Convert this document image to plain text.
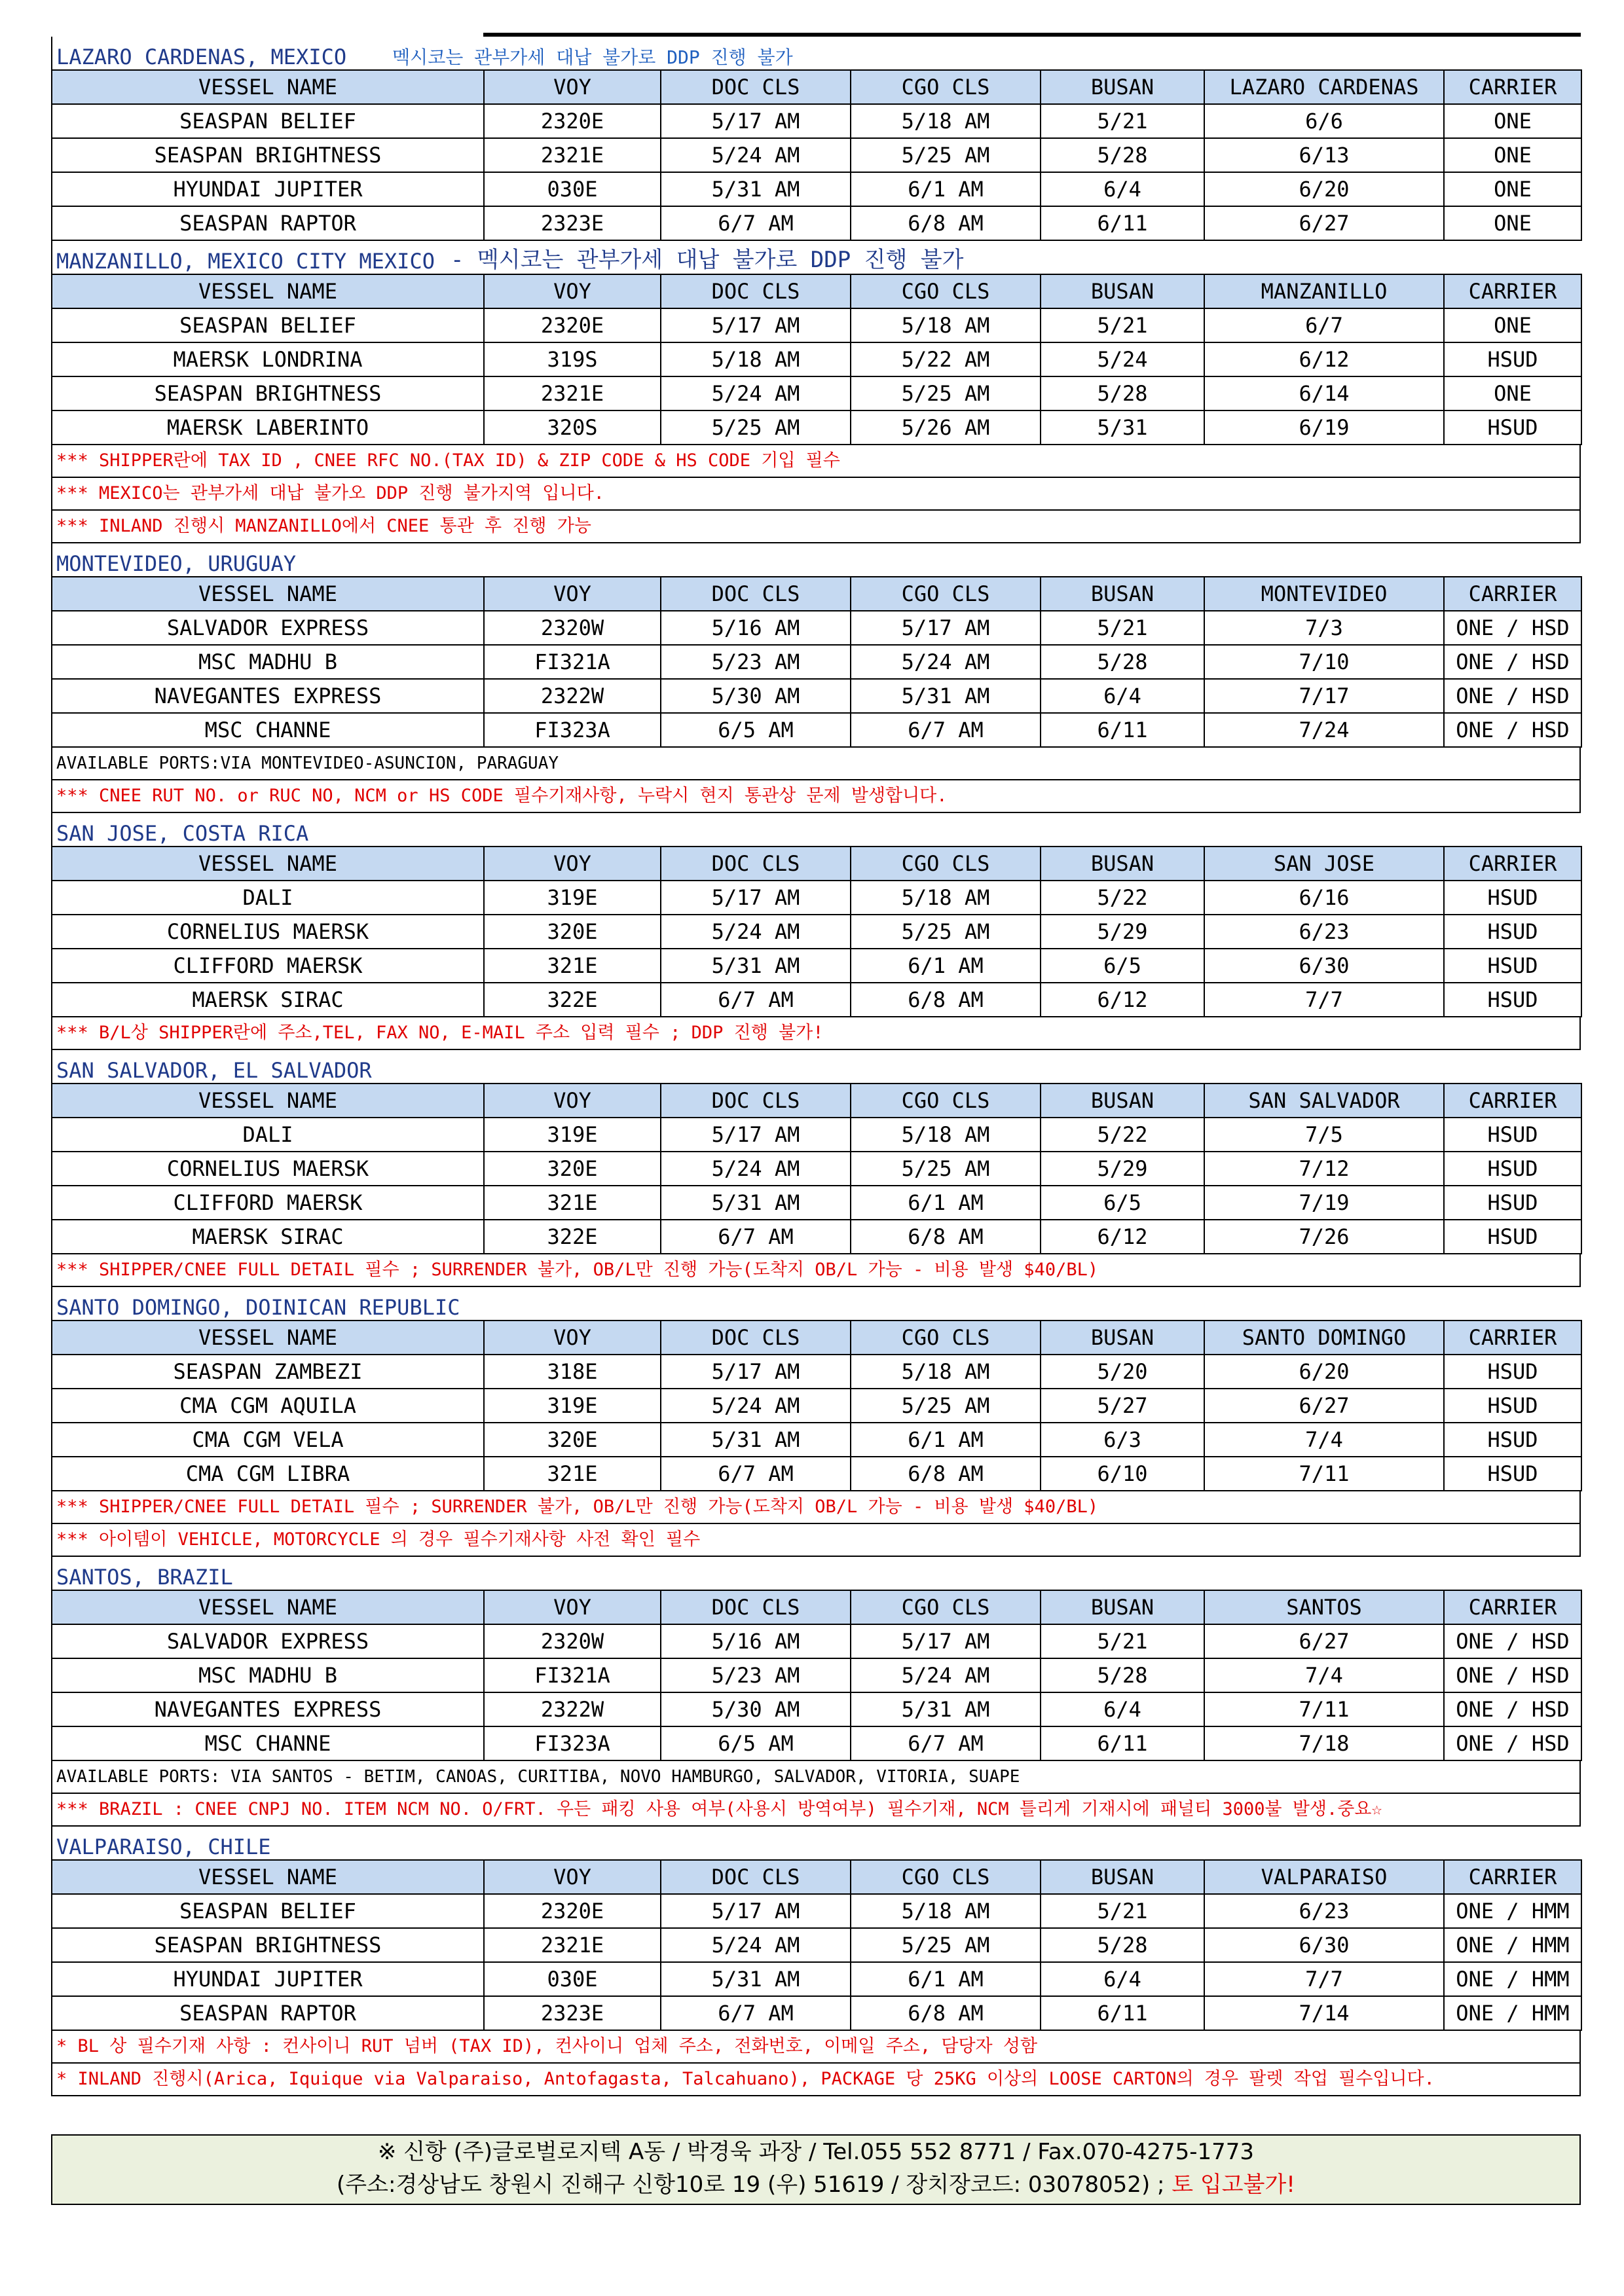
LAZARO CARDENAS, MEXICO	멕시코는 관부가세 대납 불가로 DDP 진행 불가
VESSEL NAME	VOY	DOC CLS	CGO CLS	BUSAN	LAZARO CARDENAS	CARRIER
SEASPAN BELIEF	2320E	5/17 AM	5/18 AM	5/21	6/6	ONE
SEASPAN BRIGHTNESS	2321E	5/24 AM	5/25 AM	5/28	6/13	ONE
HYUNDAI JUPITER	030E	5/31 AM	6/1 AM	6/4	6/20	ONE
SEASPAN RAPTOR	2323E	6/7 AM	6/8 AM	6/11	6/27	ONE
MANZANILLO, MEXICO CITY MEXICO - 멕시코는 관부가세 대납 불가로 DDP 진행 불가
VESSEL NAME	VOY	DOC CLS	CGO CLS	BUSAN	MANZANILLO	CARRIER
SEASPAN BELIEF	2320E	5/17 AM	5/18 AM	5/21	6/7	ONE
MAERSK LONDRINA	319S	5/18 AM	5/22 AM	5/24	6/12	HSUD
SEASPAN BRIGHTNESS	2321E	5/24 AM	5/25 AM	5/28	6/14	ONE
MAERSK LABERINTO	320S	5/25 AM	5/26 AM	5/31	6/19	HSUD
*** SHIPPER란에 TAX ID , CNEE RFC NO.(TAX ID) & ZIP CODE & HS CODE 기입 필수
*** MEXICO는 관부가세 대납 불가오 DDP 진행 불가지역 입니다.
*** INLAND 진행시 MANZANILLO에서 CNEE 통관 후 진행 가능
MONTEVIDEO, URUGUAY
VESSEL NAME	VOY	DOC CLS	CGO CLS	BUSAN	MONTEVIDEO	CARRIER
SALVADOR EXPRESS	2320W	5/16 AM	5/17 AM	5/21	7/3	ONE / HSD
MSC MADHU B	FI321A	5/23 AM	5/24 AM	5/28	7/10	ONE / HSD
NAVEGANTES EXPRESS	2322W	5/30 AM	5/31 AM	6/4	7/17	ONE / HSD
MSC CHANNE	FI323A	6/5 AM	6/7 AM	6/11	7/24	ONE / HSD
AVAILABLE PORTS:VIA MONTEVIDEO-ASUNCION, PARAGUAY
*** CNEE RUT NO. or RUC NO, NCM or HS CODE 필수기재사항, 누락시 현지 통관상 문제 발생합니다.
SAN JOSE, COSTA RICA
VESSEL NAME	VOY	DOC CLS	CGO CLS	BUSAN	SAN JOSE	CARRIER
DALI	319E	5/17 AM	5/18 AM	5/22	6/16	HSUD
CORNELIUS MAERSK	320E	5/24 AM	5/25 AM	5/29	6/23	HSUD
CLIFFORD MAERSK	321E	5/31 AM	6/1 AM	6/5	6/30	HSUD
MAERSK SIRAC	322E	6/7 AM	6/8 AM	6/12	7/7	HSUD
*** B/L상 SHIPPER란에 주소,TEL, FAX NO, E-MAIL 주소 입력 필수 ; DDP 진행 불가!
SAN SALVADOR, EL SALVADOR
VESSEL NAME	VOY	DOC CLS	CGO CLS	BUSAN	SAN SALVADOR	CARRIER
DALI	319E	5/17 AM	5/18 AM	5/22	7/5	HSUD
CORNELIUS MAERSK	320E	5/24 AM	5/25 AM	5/29	7/12	HSUD
CLIFFORD MAERSK	321E	5/31 AM	6/1 AM	6/5	7/19	HSUD
MAERSK SIRAC	322E	6/7 AM	6/8 AM	6/12	7/26	HSUD
*** SHIPPER/CNEE FULL DETAIL 필수 ; SURRENDER 불가, OB/L만 진행 가능(도착지 OB/L 가능 - 비용 발생 $40/BL)
SANTO DOMINGO, DOINICAN REPUBLIC
VESSEL NAME	VOY	DOC CLS	CGO CLS	BUSAN	SANTO DOMINGO	CARRIER
SEASPAN ZAMBEZI	318E	5/17 AM	5/18 AM	5/20	6/20	HSUD
CMA CGM AQUILA	319E	5/24 AM	5/25 AM	5/27	6/27	HSUD
CMA CGM VELA	320E	5/31 AM	6/1 AM	6/3	7/4	HSUD
CMA CGM LIBRA	321E	6/7 AM	6/8 AM	6/10	7/11	HSUD
*** SHIPPER/CNEE FULL DETAIL 필수 ; SURRENDER 불가, OB/L만 진행 가능(도착지 OB/L 가능 - 비용 발생 $40/BL)
*** 아이템이 VEHICLE, MOTORCYCLE 의 경우 필수기재사항 사전 확인 필수
SANTOS, BRAZIL
VESSEL NAME	VOY	DOC CLS	CGO CLS	BUSAN	SANTOS	CARRIER
SALVADOR EXPRESS	2320W	5/16 AM	5/17 AM	5/21	6/27	ONE / HSD
MSC MADHU B	FI321A	5/23 AM	5/24 AM	5/28	7/4	ONE / HSD
NAVEGANTES EXPRESS	2322W	5/30 AM	5/31 AM	6/4	7/11	ONE / HSD
MSC CHANNE	FI323A	6/5 AM	6/7 AM	6/11	7/18	ONE / HSD
AVAILABLE PORTS: VIA SANTOS - BETIM, CANOAS, CURITIBA, NOVO HAMBURGO, SALVADOR, VITORIA, SUAPE
*** BRAZIL : CNEE CNPJ NO. ITEM NCM NO. O/FRT. 우든 패킹 사용 여부(사용시 방역여부) 필수기재, NCM 틀리게 기재시에 패널티 3000불 발생.중요☆
VALPARAISO, CHILE
VESSEL NAME	VOY	DOC CLS	CGO CLS	BUSAN	VALPARAISO	CARRIER
SEASPAN BELIEF	2320E	5/17 AM	5/18 AM	5/21	6/23	ONE / HMM
SEASPAN BRIGHTNESS	2321E	5/24 AM	5/25 AM	5/28	6/30	ONE / HMM
HYUNDAI JUPITER	030E	5/31 AM	6/1 AM	6/4	7/7	ONE / HMM
SEASPAN RAPTOR	2323E	6/7 AM	6/8 AM	6/11	7/14	ONE / HMM
* BL 상 필수기재 사항 : 컨사이니 RUT 넘버 (TAX ID), 컨사이니 업체 주소, 전화번호, 이메일 주소, 담당자 성함
* INLAND 진행시(Arica, Iquique via Valparaiso, Antofagasta, Talcahuano), PACKAGE 당 25KG 이상의 LOOSE CARTON의 경우 팔렛 작업 필수입니다.
※ 신항 (주)글로벌로지텍 A동 / 박경욱 과장 / Tel.055 552 8771 / Fax.070-4275-1773
(주소:경상남도 창원시 진해구 신항10로 19 (우) 51619 / 장치장코드: 03078052) ; 토 입고불가!
